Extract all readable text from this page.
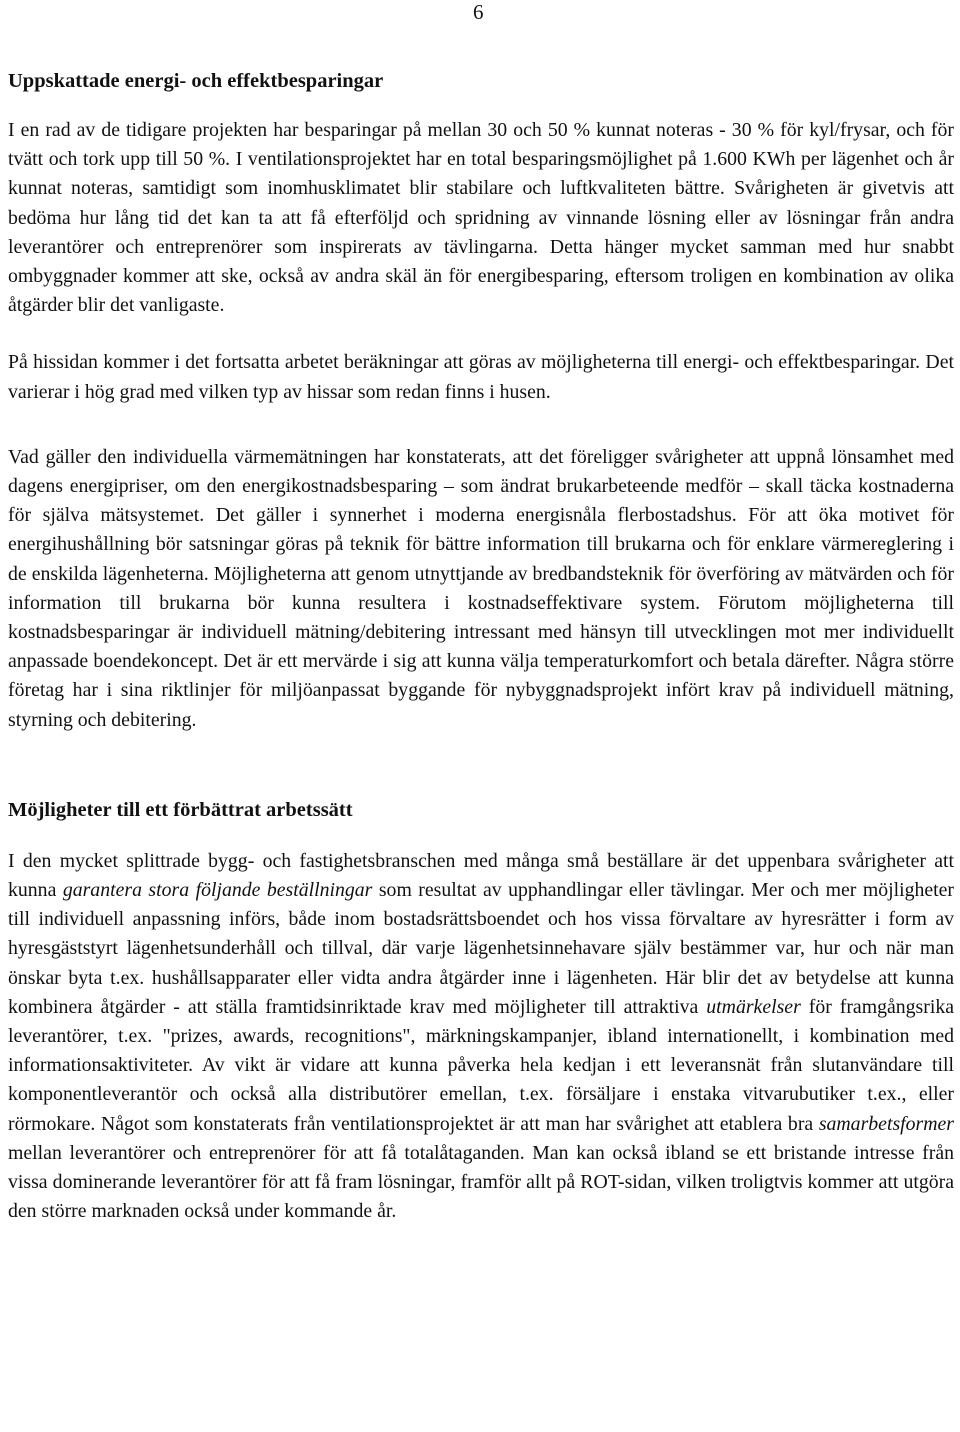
6
Uppskattade energi- och effektbesparingar

I en rad av de tidigare projekten har besparingar på mellan 30 och 50 % kunnat noteras - 30 % för kyl/frysar, och för tvätt och tork upp till 50 %. I ventilationsprojektet har en total besparingsmöjlighet på 1.600 KWh per lägenhet och år kunnat noteras, samtidigt som inomhusklimatet blir stabilare och luftkvaliteten bättre. Svårigheten är givetvis att bedöma hur lång tid det kan ta att få efterföljd och spridning av vinnande lösning eller av lösningar från andra leverantörer och entreprenörer som inspirerats av tävlingarna. Detta hänger mycket samman med hur snabbt ombyggnader kommer att ske, också av andra skäl än för energibesparing, eftersom troligen en kombination av olika åtgärder blir det vanligaste.

På hissidan kommer i det fortsatta arbetet beräkningar att göras av möjligheterna till energi- och effektbesparingar. Det varierar i hög grad med vilken typ av hissar som redan finns i husen.

Vad gäller den individuella värmemätningen har konstaterats, att det föreligger svårigheter att uppnå lönsamhet med dagens energipriser, om den energikostnadsbesparing – som ändrat brukarbeteende medför – skall täcka kostnaderna för själva mätsystemet. Det gäller i synnerhet i moderna energisnåla flerbostadshus. För att öka motivet för energihushållning bör satsningar göras på teknik för bättre information till brukarna och för enklare värmereglering i de enskilda lägenheterna. Möjligheterna att genom utnyttjande av bredbandsteknik för överföring av mätvärden och för information till brukarna bör kunna resultera i kostnadseffektivare system. Förutom möjligheterna till kostnadsbesparingar är individuell mätning/debitering intressant med hänsyn till utvecklingen mot mer individuellt anpassade boendekoncept. Det är ett mervärde i sig att kunna välja temperaturkomfort och betala därefter. Några större företag har i sina riktlinjer för miljöanpassat byggande för nybyggnadsprojekt infört krav på individuell mätning, styrning och debitering.

Möjligheter till ett förbättrat arbetssätt

I den mycket splittrade bygg- och fastighetsbranschen med många små beställare är det uppenbara svårigheter att kunna garantera stora följande beställningar som resultat av upphandlingar eller tävlingar. Mer och mer möjligheter till individuell anpassning införs, både inom bostadsrättsboendet och hos vissa förvaltare av hyresrätter i form av hyresgäststyrt lägenhetsunderhåll och tillval, där varje lägenhetsinnehavare själv bestämmer var, hur och när man önskar byta t.ex. hushållsapparater eller vidta andra åtgärder inne i lägenheten. Här blir det av betydelse att kunna kombinera åtgärder - att ställa framtidsinriktade krav med möjligheter till attraktiva utmärkelser för framgångsrika leverantörer, t.ex. "prizes, awards, recognitions", märkningskampanjer, ibland internationellt, i kombination med informationsaktiviteter. Av vikt är vidare att kunna påverka hela kedjan i ett leveransnät från slutanvändare till komponentleverantör och också alla distributörer emellan, t.ex. försäljare i enstaka vitvarubutiker t.ex., eller rörmokare. Något som konstaterats från ventilationsprojektet är att man har svårighet att etablera bra samarbetsformer mellan leverantörer och entreprenörer för att få totalåtaganden. Man kan också ibland se ett bristande intresse från vissa dominerande leverantörer för att få fram lösningar, framför allt på ROT-sidan, vilken troligtvis kommer att utgöra den större marknaden också under kommande år.
